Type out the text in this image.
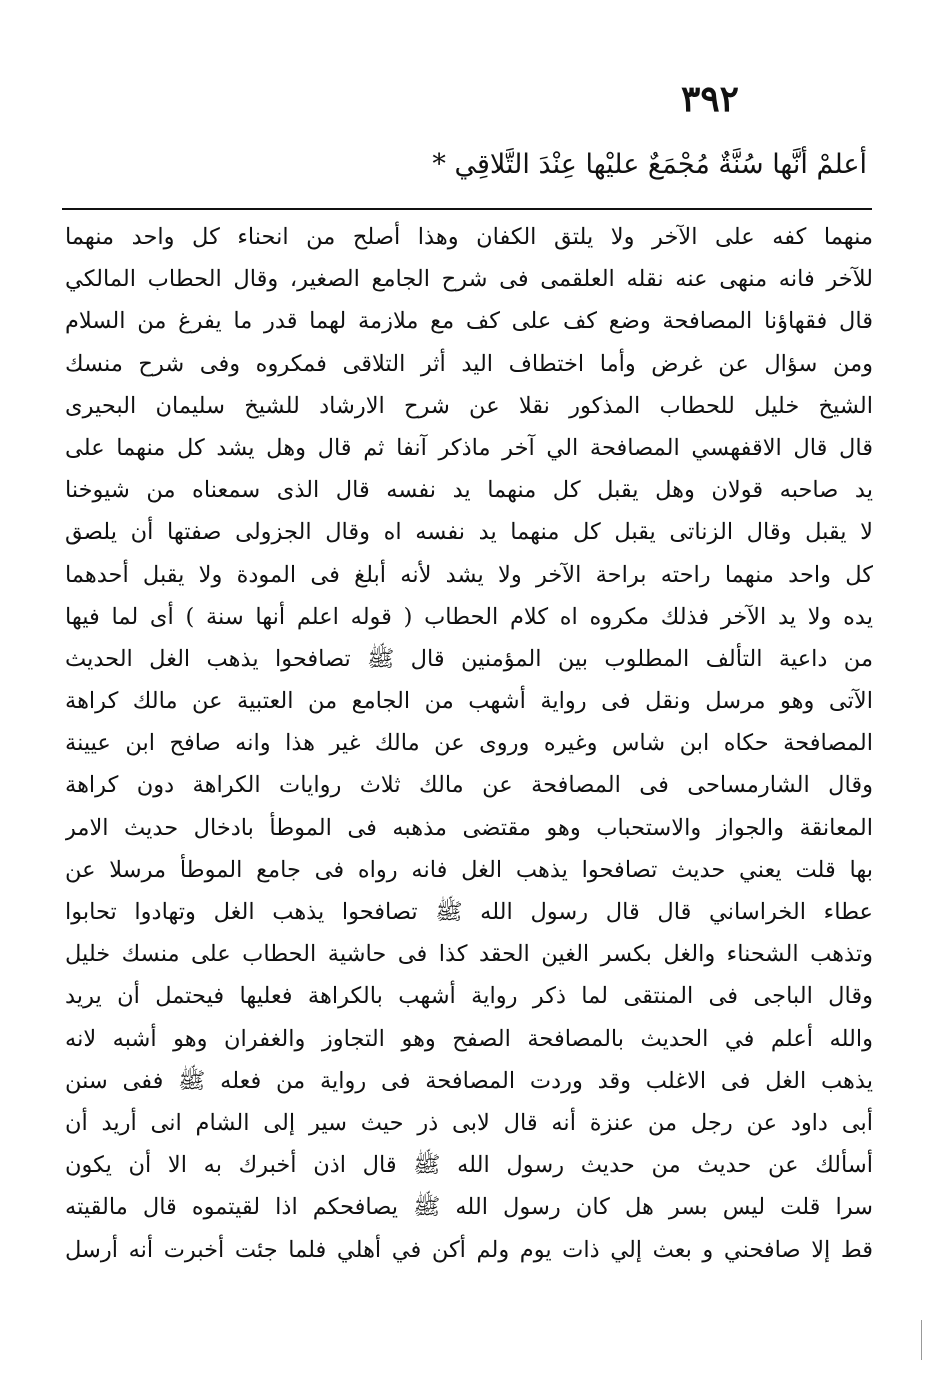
٣٩٢
أعلمْ أنَّها سُنَّةٌ مُجْمَعٌ عليْها عِنْدَ التَّلاقِي *
منهما كفه على الآخر ولا يلتق الكفان وهذا أصلح من انحناء كل واحد منهما
للآخر فانه منهى عنه نقله العلقمى فى شرح الجامع الصغير، وقال الحطاب المالكي
قال فقهاؤنا المصافحة وضع كف على كف مع ملازمة لهما قدر ما يفرغ من السلام
ومن سؤال عن غرض وأما اختطاف اليد أثر التلاقى فمكروه وفى شرح منسك
الشيخ خليل للحطاب المذكور نقلا عن شرح الارشاد للشيخ سليمان البحيرى
قال قال الاقفهسي المصافحة الي آخر ماذكر آنفا ثم قال وهل يشد كل منهما على
يد صاحبه قولان وهل يقبل كل منهما يد نفسه قال الذى سمعناه من شيوخنا
لا يقبل وقال الزناتى يقبل كل منهما يد نفسه اه وقال الجزولى صفتها أن يلصق
كل واحد منهما راحته براحة الآخر ولا يشد لأنه أبلغ فى المودة ولا يقبل أحدهما
يده ولا يد الآخر فذلك مكروه اه كلام الحطاب ( قوله اعلم أنها سنة ) أى لما فيها
من داعية التألف المطلوب بين المؤمنين قال ﷺ تصافحوا يذهب الغل الحديث
الآتى وهو مرسل ونقل فى رواية أشهب من الجامع من العتبية عن مالك كراهة
المصافحة حكاه ابن شاس وغيره وروى عن مالك غير هذا وانه صافح ابن عيينة
وقال الشارمساحى فى المصافحة عن مالك ثلاث روايات الكراهة دون كراهة
المعانقة والجواز والاستحباب وهو مقتضى مذهبه فى الموطأ بادخال حديث الامر
بها قلت يعني حديث تصافحوا يذهب الغل فانه رواه فى جامع الموطأ مرسلا عن
عطاء الخراساني قال قال رسول الله ﷺ تصافحوا يذهب الغل وتهادوا تحابوا
وتذهب الشحناء والغل بكسر الغين الحقد كذا فى حاشية الحطاب على منسك خليل
وقال الباجى فى المنتقى لما ذكر رواية أشهب بالكراهة فعليها فيحتمل أن يريد
والله أعلم في الحديث بالمصافحة الصفح وهو التجاوز والغفران وهو أشبه لانه
يذهب الغل فى الاغلب وقد وردت المصافحة فى رواية من فعله ﷺ ففى سنن
أبى داود عن رجل من عنزة أنه قال لابى ذر حيث سير إلى الشام انى أريد أن
أسألك عن حديث من حديث رسول الله ﷺ قال اذن أخبرك به الا أن يكون
سرا قلت ليس بسر هل كان رسول الله ﷺ يصافحكم اذا لقيتموه قال مالقيته
قط إلا صافحني و بعث إلي ذات يوم ولم أكن في أهلي فلما جئت أخبرت أنه أرسل
